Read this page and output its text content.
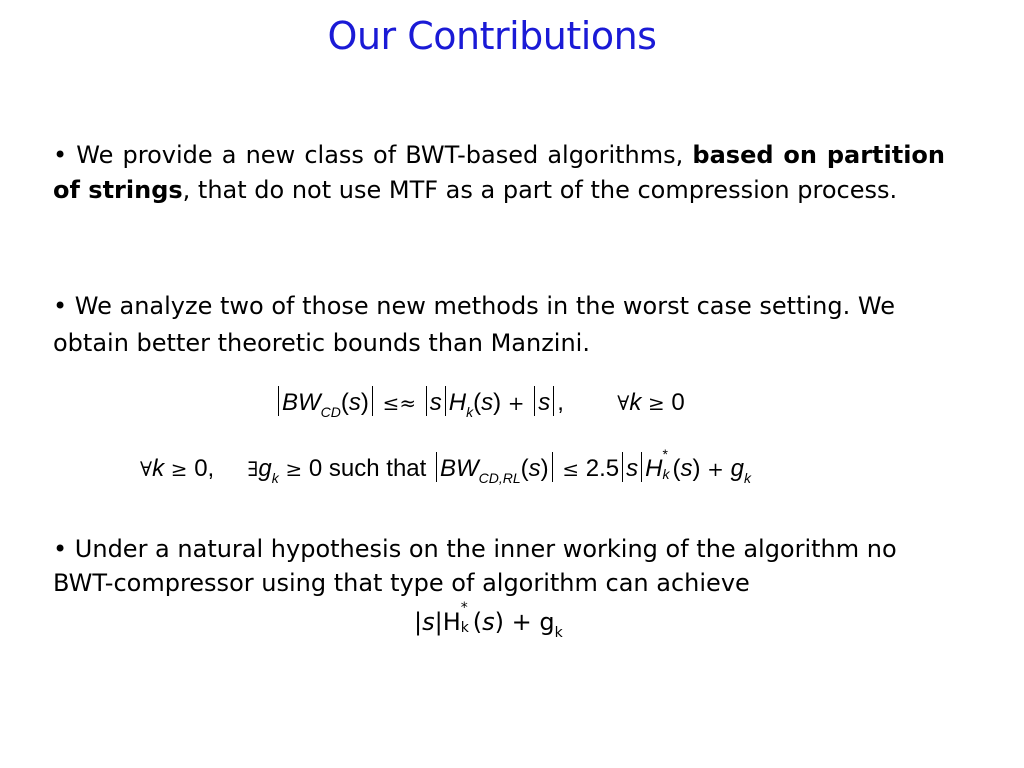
Our Contributions
• We provide a new class of BWT-based algorithms, based on partition of strings, that do not use MTF as a part of the compression process.
• We analyze two of those new methods in the worst case setting. We
obtain better theoretic bounds than Manzini.
$BW_{CD}(s) \le\approx s$ $H_k(s) + s$ ,	∀k ≥ 0
∀k ≥ 0, $\exists g_k \ge 0$ such that $BW_{CD,RL}(s) \le 2.5$ s H
*
k $(s) + g_k$
• Under a natural hypothesis on the inner working of the algorithm no
BWT-compressor using that type of algorithm can achieve
|s|H *
k $(s) + g_k$
